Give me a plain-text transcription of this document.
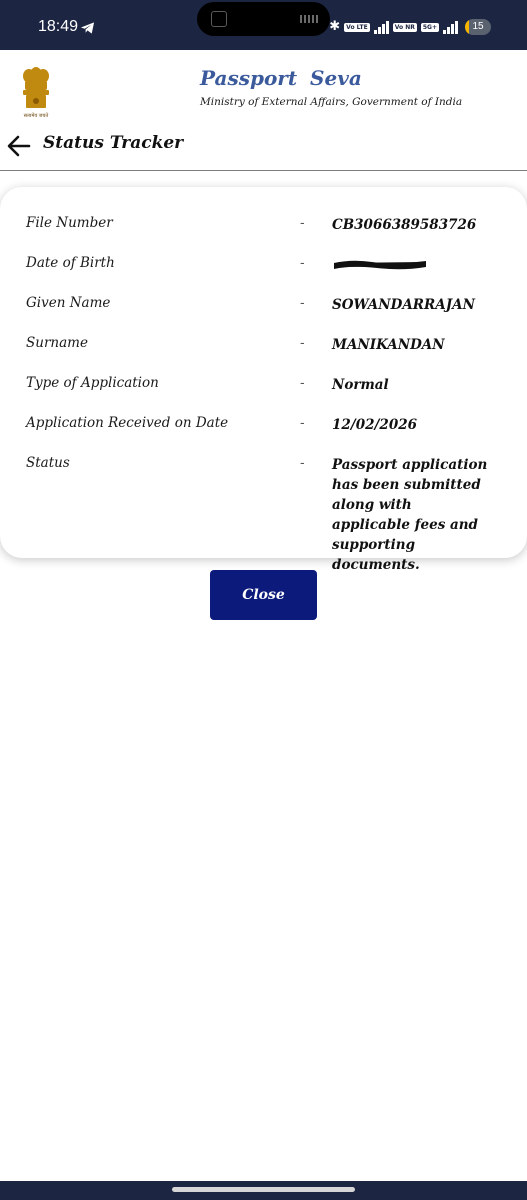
18:49	✱	Vo LTE	Vo NR	5G+	15
सत्यमेव जयते
Passport Seva
Ministry of External Affairs, Government of India
Status Tracker
File Number	- CB3066389583726
Date of Birth	-
Given Name	- SOWANDARRAJAN
Surname	- MANIKANDAN
Type of Application	- Normal
Application Received on Date	- 12/02/2026
Status	- Passport application has been submitted along with applicable fees and supporting documents.
Close
